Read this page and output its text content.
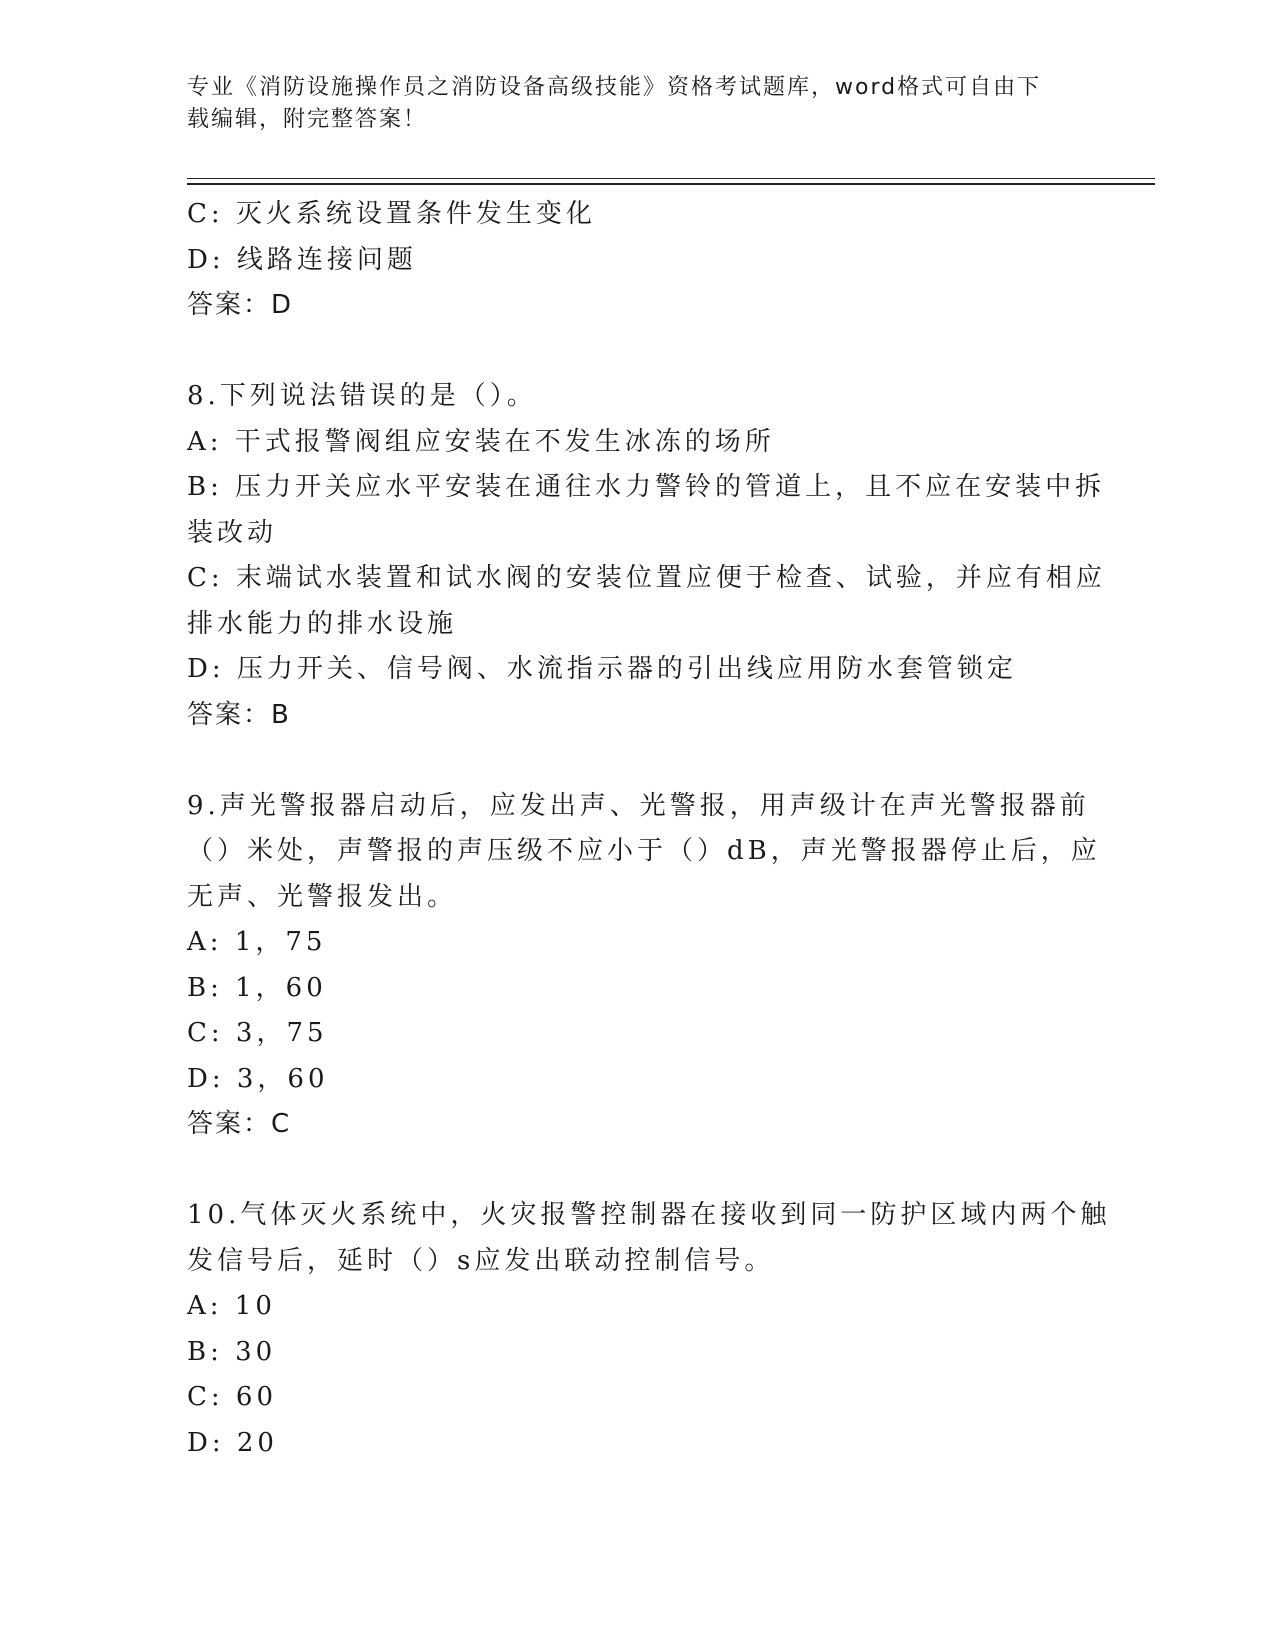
专业《消防设施操作员之消防设备高级技能》资格考试题库，word格式可自由下
载编辑，附完整答案！
C: 灭火系统设置条件发生变化
D: 线路连接问题
答案：D
8.下列说法错误的是（）。
A: 干式报警阀组应安装在不发生冰冻的场所
B: 压力开关应水平安装在通往水力警铃的管道上，且不应在安装中拆
装改动
C: 末端试水装置和试水阀的安装位置应便于检查、试验，并应有相应
排水能力的排水设施
D: 压力开关、信号阀、水流指示器的引出线应用防水套管锁定
答案：B
9.声光警报器启动后，应发出声、光警报，用声级计在声光警报器前
（）米处，声警报的声压级不应小于（）dB，声光警报器停止后，应
无声、光警报发出。
A: 1，75
B: 1，60
C: 3，75
D: 3，60
答案：C
10.气体灭火系统中，火灾报警控制器在接收到同一防护区域内两个触
发信号后，延时（）s应发出联动控制信号。
A: 10
B: 30
C: 60
D: 20
